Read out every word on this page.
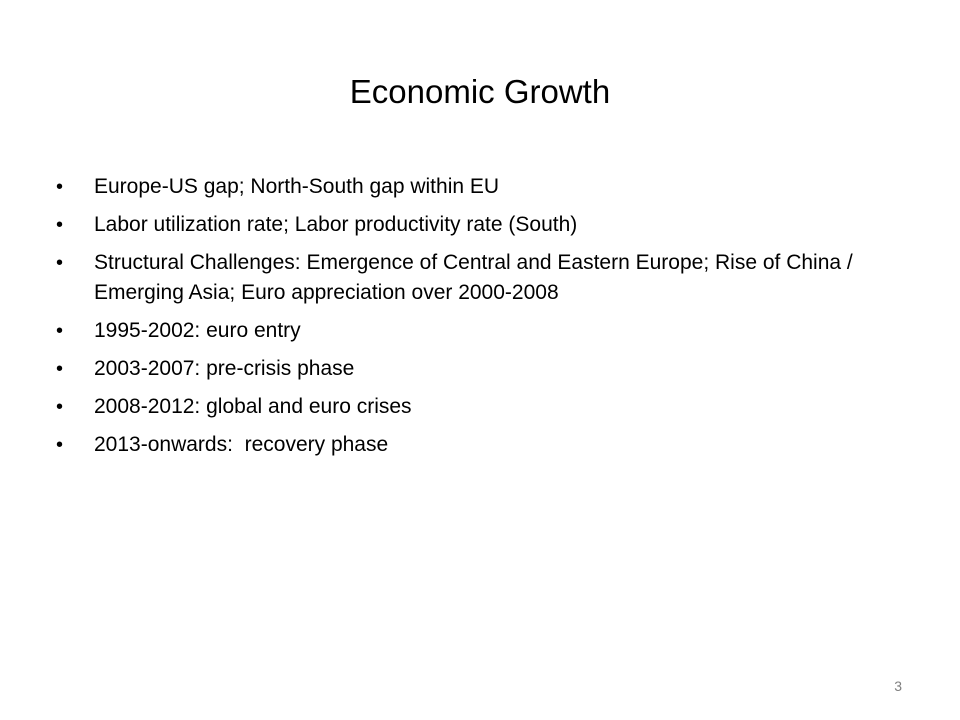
Economic Growth
•	Europe-US gap; North-South gap within EU
•	Labor utilization rate; Labor productivity rate (South)
•	Structural Challenges: Emergence of Central and Eastern Europe; Rise of China / Emerging Asia; Euro appreciation over 2000-2008
•	1995-2002: euro entry
•	2003-2007: pre-crisis phase
•	2008-2012: global and euro crises
•	2013-onwards:  recovery phase
3
